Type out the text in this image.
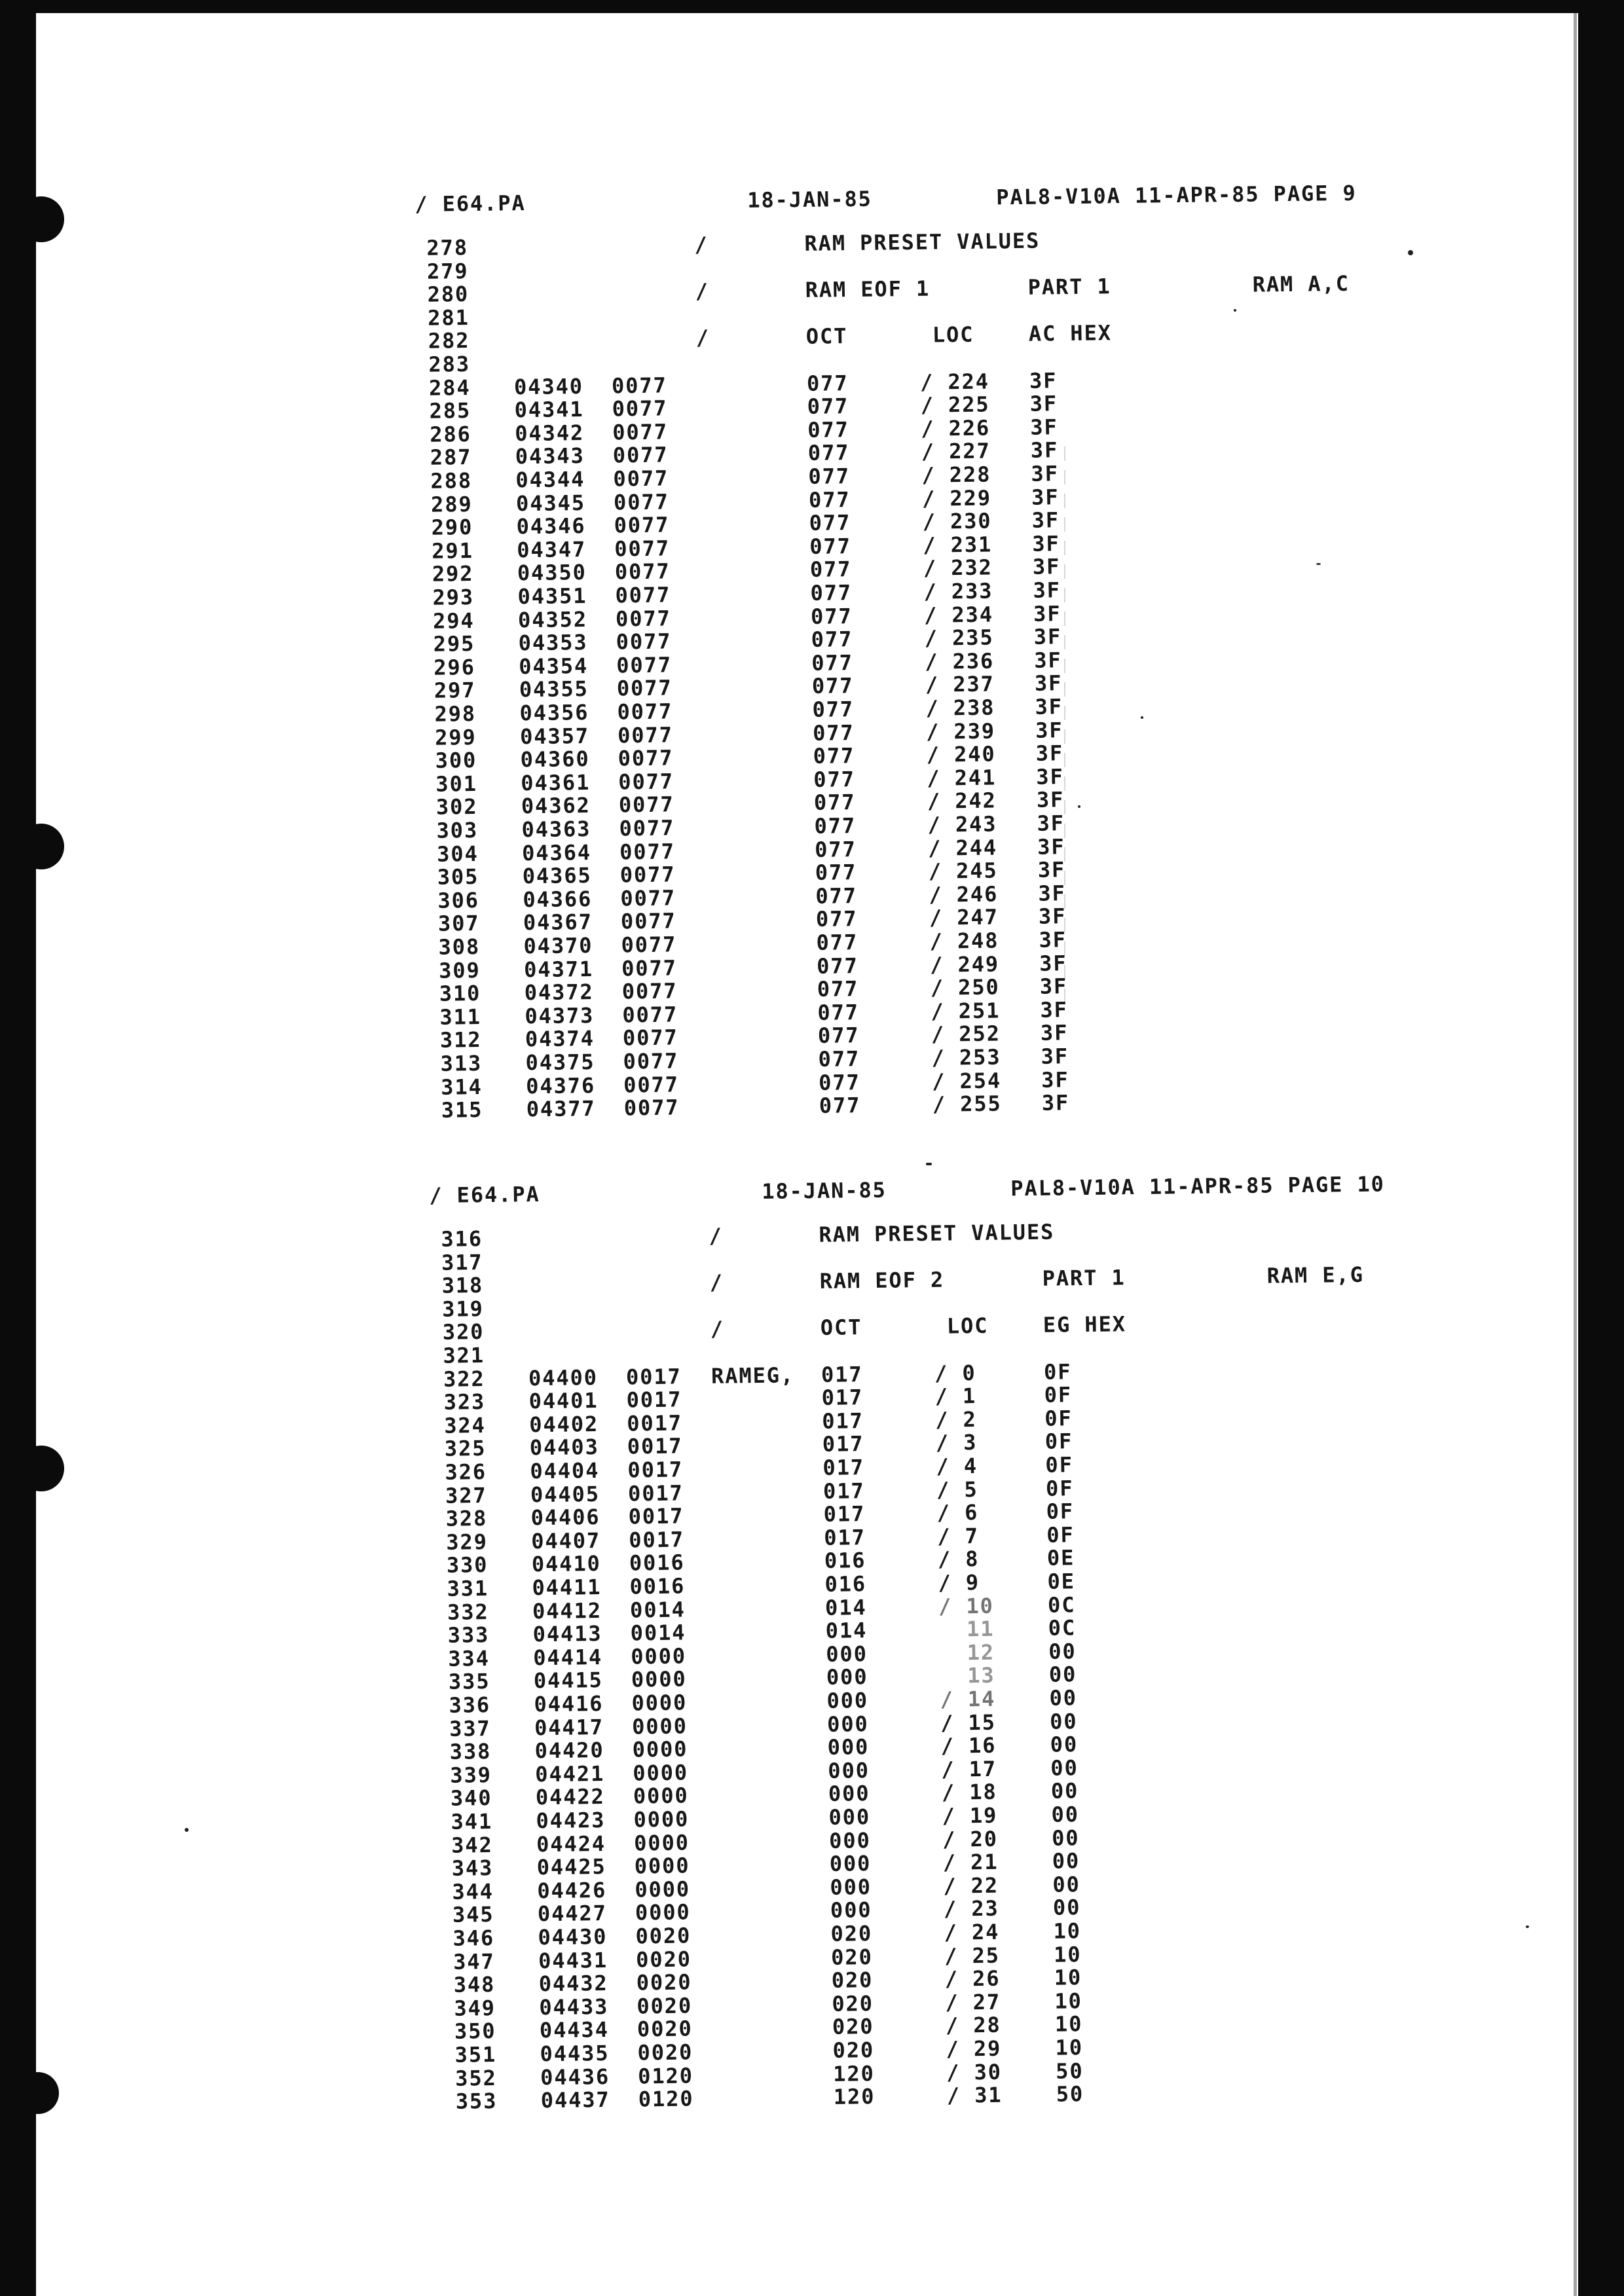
/ E64.PA	18-JAN-85	PAL8-V10A 11-APR-85 PAGE 9
278	/	RAM PRESET VALUES
279
280	/	RAM EOF 1	PART 1	RAM A,C
281
282	/	OCT	LOC	AC HEX
283
284 04340 0077	077	/ 224 3F
285 04341 0077	077	/ 225 3F
286 04342 0077	077	/ 226 3F
287 04343 0077	077	/ 227 3F
288 04344 0077	077	/ 228 3F
289 04345 0077	077	/ 229 3F
290 04346 0077	077	/ 230 3F
291 04347 0077	077	/ 231 3F
292 04350 0077	077	/ 232 3F
293 04351 0077	077	/ 233 3F
294 04352 0077	077	/ 234 3F
295 04353 0077	077	/ 235 3F
296 04354 0077	077	/ 236 3F
297 04355 0077	077	/ 237 3F
298 04356 0077	077	/ 238 3F
299 04357 0077	077	/ 239 3F
300 04360 0077	077	/ 240 3F
301 04361 0077	077	/ 241 3F
302 04362 0077	077	/ 242 3F
303 04363 0077	077	/ 243 3F
304 04364 0077	077	/ 244 3F
305 04365 0077	077	/ 245 3F
306 04366 0077	077	/ 246 3F
307 04367 0077	077	/ 247 3F
308 04370 0077	077	/ 248 3F
309 04371 0077	077	/ 249 3F
310 04372 0077	077	/ 250 3F
311 04373 0077	077	/ 251 3F
312 04374 0077	077	/ 252 3F
313 04375 0077	077	/ 253 3F
314 04376 0077	077	/ 254 3F
315 04377 0077	077	/ 255 3F
/ E64.PA	18-JAN-85	PAL8-V10A 11-APR-85 PAGE 10
316	/	RAM PRESET VALUES
317
318	/	RAM EOF 2	PART 1	RAM E,G
319
320	/	OCT	LOC	EG HEX
321
322 04400 0017 RAMEG, 017	/ 0	0F
323 04401 0017	017	/ 1	0F
324 04402 0017	017	/ 2	0F
325 04403 0017	017	/ 3	0F
326 04404 0017	017	/ 4	0F
327 04405 0017	017	/ 5	0F
328 04406 0017	017	/ 6	0F
329 04407 0017	017	/ 7	0F
330 04410 0016	016	/ 8	0E
331 04411 0016	016	/ 9	0E
332 04412 0014	014	/ 10	0C
333 04413 0014	014	11	0C
334 04414 0000	000	12	00
335 04415 0000	000	13	00
336 04416 0000	000	/ 14	00
337 04417 0000	000	/ 15	00
338 04420 0000	000	/ 16	00
339 04421 0000	000	/ 17	00
340 04422 0000	000	/ 18	00
341 04423 0000	000	/ 19	00
342 04424 0000	000	/ 20	00
343 04425 0000	000	/ 21	00
344 04426 0000	000	/ 22	00
345 04427 0000	000	/ 23	00
346 04430 0020	020	/ 24	10
347 04431 0020	020	/ 25	10
348 04432 0020	020	/ 26	10
349 04433 0020	020	/ 27	10
350 04434 0020	020	/ 28	10
351 04435 0020	020	/ 29	10
352 04436 0120	120	/ 30	50
353 04437 0120	120	/ 31	50
